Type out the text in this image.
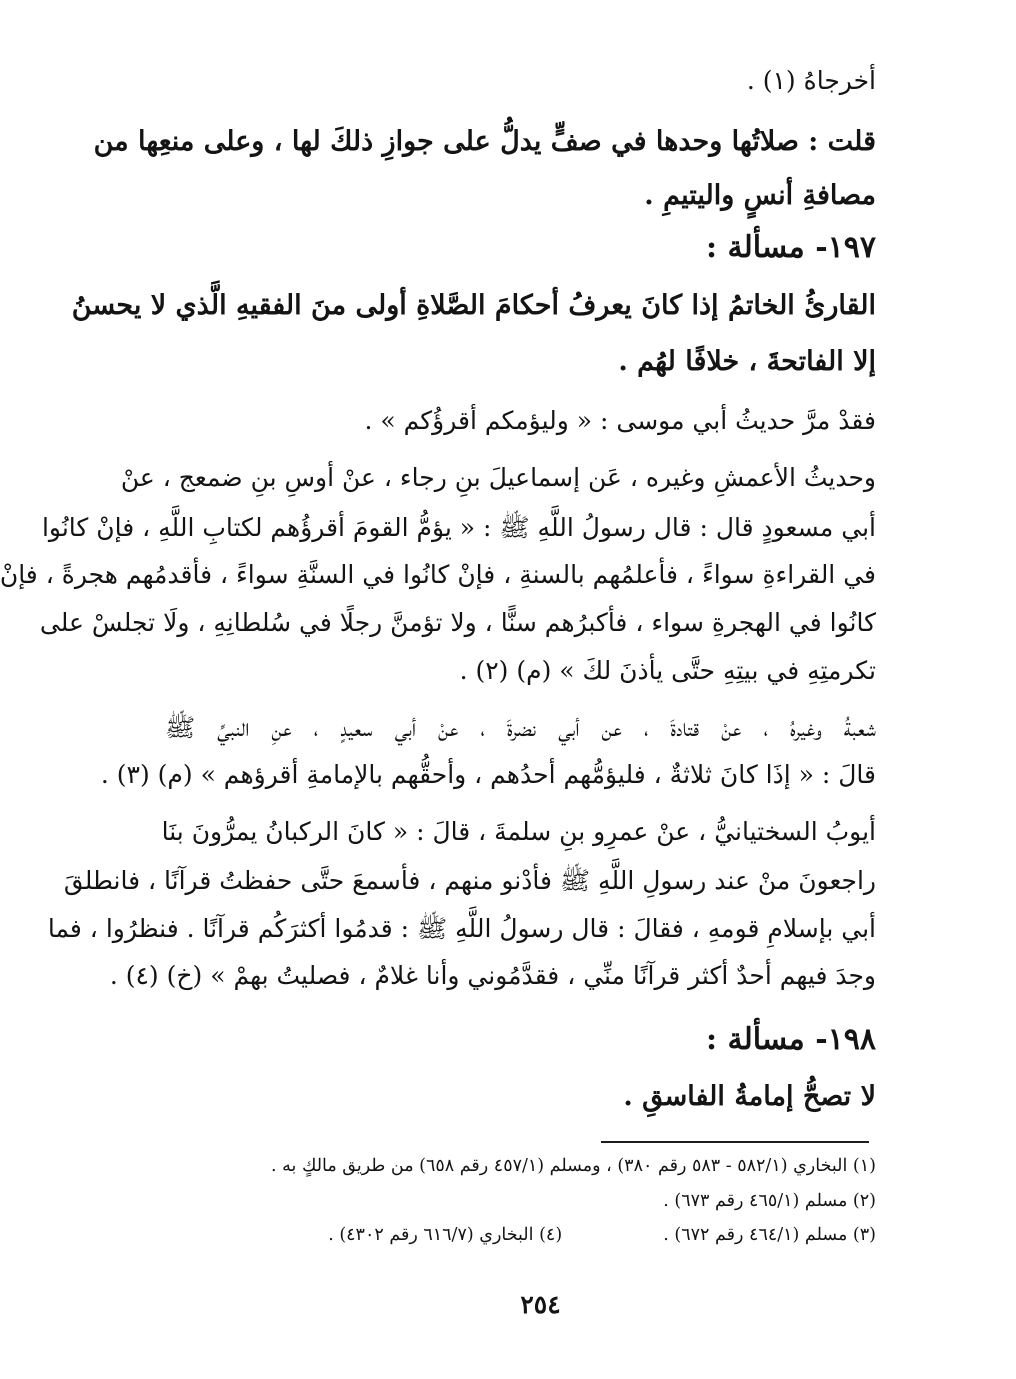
أخرجاهُ (١) .
قلت : صلاتُها وحدها في صفٍّ يدلُّ على جوازِ ذلكَ لها ، وعلى منعِها من
مصافةِ أنسٍ واليتيمِ .
١٩٧- مسألة :
القارئُ الخاتمُ إذا كانَ يعرفُ أحكامَ الصَّلاةِ أولى منَ الفقيهِ الَّذي لا يحسنُ
إلا الفاتحةَ ، خلافًا لهُم .
فقدْ مرَّ حديثُ أبي موسى : « وليؤمكم أقرؤُكم » .
وحديثُ الأعمشِ وغيره ، عَن إسماعيلَ بنِ رجاء ، عنْ أوسِ بنِ ضمعج ، عنْ
أبي مسعودٍ قال : قال رسولُ اللَّهِ ﷺ : « يؤمُّ القومَ أقرؤُهم لكتابِ اللَّهِ ، فإنْ كانُوا
في القراءةِ سواءً ، فأعلمُهم بالسنةِ ، فإنْ كانُوا في السنَّةِ سواءً ، فأقدمُهم هجرةً ، فإنْ
كانُوا في الهجرةِ سواء ، فأكبرُهم سنًّا ، ولا تؤمنَّ رجلًا في سُلطانِهِ ، ولَا تجلسْ على
تكرمتِهِ في بيتِهِ حتَّى يأذنَ لكَ » (م) (٢) .
شعبةُ وغيرهُ ، عنْ قتادةَ ، عن أبي نضرةَ ، عنْ أبي سعيدٍ ، عنِ النبيِّ ﷺ
قالَ : « إذَا كانَ ثلاثةٌ ، فليؤمُّهم أحدُهم ، وأحقُّهم بالإمامةِ أقرؤهم » (م) (٣) .
أيوبُ السختيانيُّ ، عنْ عمرِو بنِ سلمةَ ، قالَ : « كانَ الركبانُ يمرُّونَ بنَا
راجعونَ منْ عند رسولِ اللَّهِ ﷺ فأدْنو منهم ، فأسمعَ حتَّى حفظتُ قرآنًا ، فانطلقَ
أبي بإسلامِ قومهِ ، فقالَ : قال رسولُ اللَّهِ ﷺ : قدمُوا أكثرَكُم قرآنًا . فنظرُوا ، فما
وجدَ فيهم أحدٌ أكثر قرآنًا منِّي ، فقدَّمُوني وأنا غلامٌ ، فصليتُ بهمْ » (خ) (٤) .
١٩٨- مسألة :
لا تصحُّ إمامةُ الفاسقِ .
(١) البخاري (٥٨٢/١ - ٥٨٣ رقم ٣٨٠) ، ومسلم (٤٥٧/١ رقم ٦٥٨) من طريق مالكٍ به .
(٢) مسلم (٤٦٥/١ رقم ٦٧٣) .
(٣) مسلم (٤٦٤/١ رقم ٦٧٢) .  (٤) البخاري (٦١٦/٧ رقم ٤٣٠٢) .
٢٥٤
